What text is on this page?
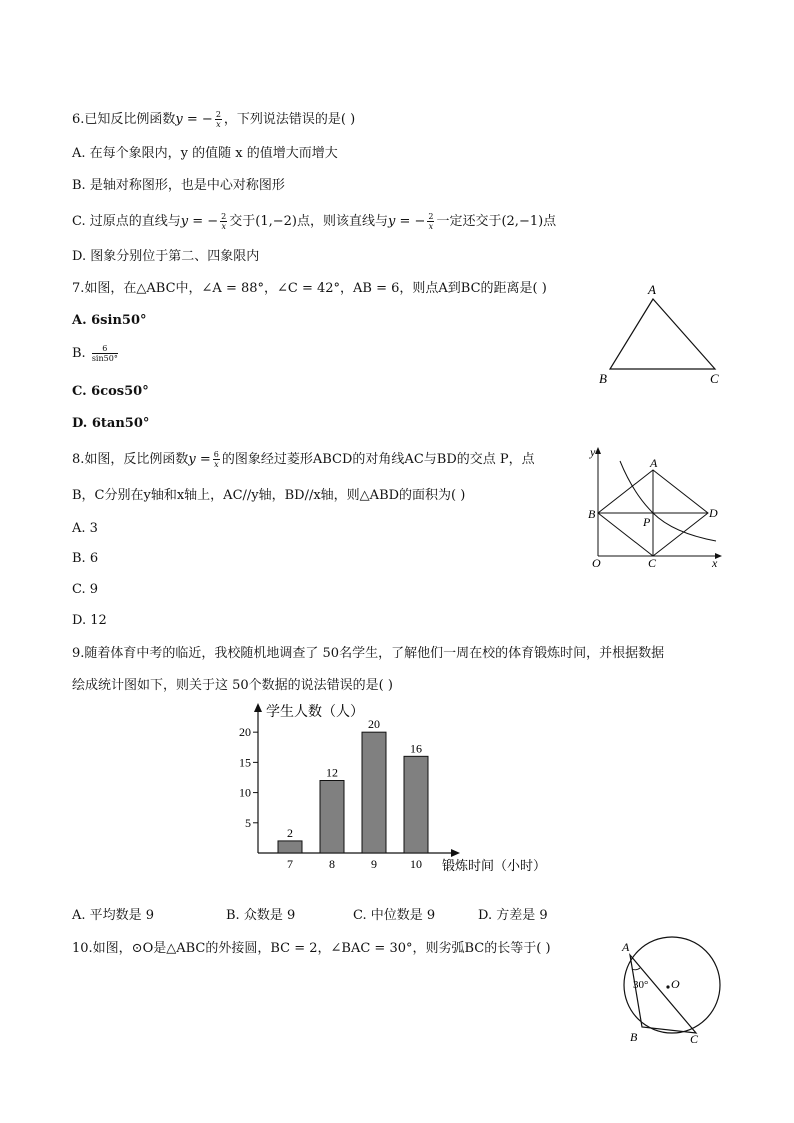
6.已知反比例函数y = − $\frac{2}{x}$ ，下列说法错误的是( )
A. 在每个象限内，y 的值随 x 的值增大而增大
B. 是轴对称图形，也是中心对称图形
C. 过原点的直线与y = − $\frac{2}{x}$ 交于(1,−2)点，则该直线与y = − $\frac{2}{x}$ 一定还交于(2,−1)点
D. 图象分别位于第二、四象限内
7.如图，在△ABC中，∠A = 88°，∠C = 42°，AB = 6，则点A到BC的距离是( )
A. 6sin50°
B. $\frac{6}{\sin 50^\circ}$
C. 6cos50°
D. 6tan50°
A
B	C
8.如图，反比例函数$y = \frac{6}{x}$ 的图象经过菱形ABCD的对角线AC与BD的交点 P，点
B，C分别在y轴和x轴上，AC//y轴，BD//x轴，则△ABD的面积为( )
A. 3
B. 6
C. 9
D. 12
y
x
O
A
B
C
D
P
9.随着体育中考的临近，我校随机地调查了 50名学生，了解他们一周在校的体育锻炼时间，并根据数据
绘成统计图如下，则关于这 50个数据的说法错误的是( )
学生人数（人）
锻炼时间（小时）
5
10
15
20
2
7
12
8
20
9
16
10
A. 平均数是 9	B. 众数是 9	C. 中位数是 9	D. 方差是 9
10.如图，⊙O是△ABC的外接圆，BC = 2，∠BAC = 30°，则劣弧BC的长等于( )	A
B	C
O
30°
